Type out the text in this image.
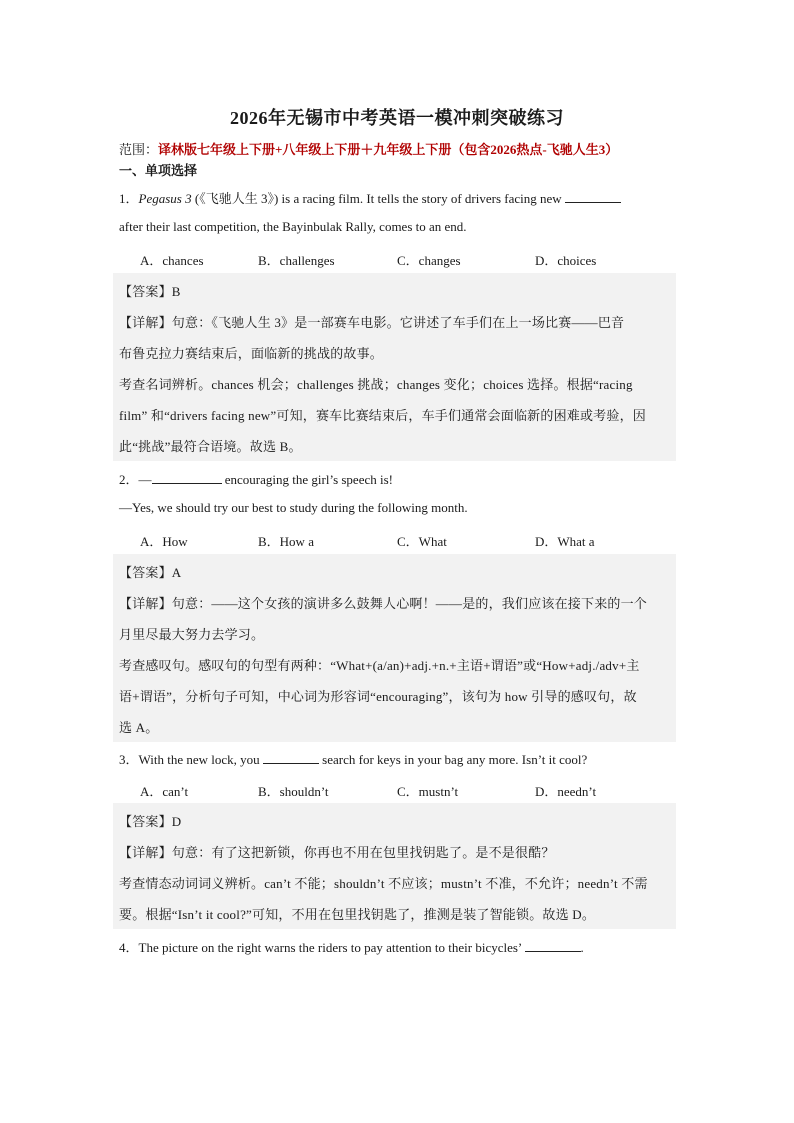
2026年无锡市中考英语一模冲刺突破练习
范围：译林版七年级上下册+八年级上下册＋九年级上下册（包含2026热点-飞驰人生3）
一、单项选择
1．Pegasus 3 (《飞驰人生 3》) is a racing film. It tells the story of drivers facing new
after their last competition, the Bayinbulak Rally, comes to an end.
A．chances	B．challenges	C．changes	D．choices
【答案】B
【详解】句意：《飞驰人生 3》是一部赛车电影。它讲述了车手们在上一场比赛——巴音
布鲁克拉力赛结束后，面临新的挑战的故事。
考查名词辨析。chances 机会；challenges 挑战；changes 变化；choices 选择。根据“racing
film” 和“drivers facing new”可知，赛车比赛结束后，车手们通常会面临新的困难或考验，因
此“挑战”最符合语境。故选 B。
2．—	encouraging the girl’s speech is!
—Yes, we should try our best to study during the following month.
A．How	B．How a	C．What	D．What a
【答案】A
【详解】句意：——这个女孩的演讲多么鼓舞人心啊！——是的，我们应该在接下来的一个
月里尽最大努力去学习。
考查感叹句。感叹句的句型有两种：“What+(a/an)+adj.+n.+主语+谓语”或“How+adj./adv+主
语+谓语”，分析句子可知，中心词为形容词“encouraging”，该句为 how 引导的感叹句，故
选 A。
3．With the new lock, you	search for keys in your bag any more. Isn’t it cool?
A．can’t	B．shouldn’t	C．mustn’t	D．needn’t
【答案】D
【详解】句意：有了这把新锁，你再也不用在包里找钥匙了。是不是很酷？
考查情态动词词义辨析。can’t 不能；shouldn’t 不应该；mustn’t 不准，不允许；needn’t 不需
要。根据“Isn’t it cool?”可知，不用在包里找钥匙了，推测是装了智能锁。故选 D。
4．The picture on the right warns the riders to pay attention to their bicycles’	.
